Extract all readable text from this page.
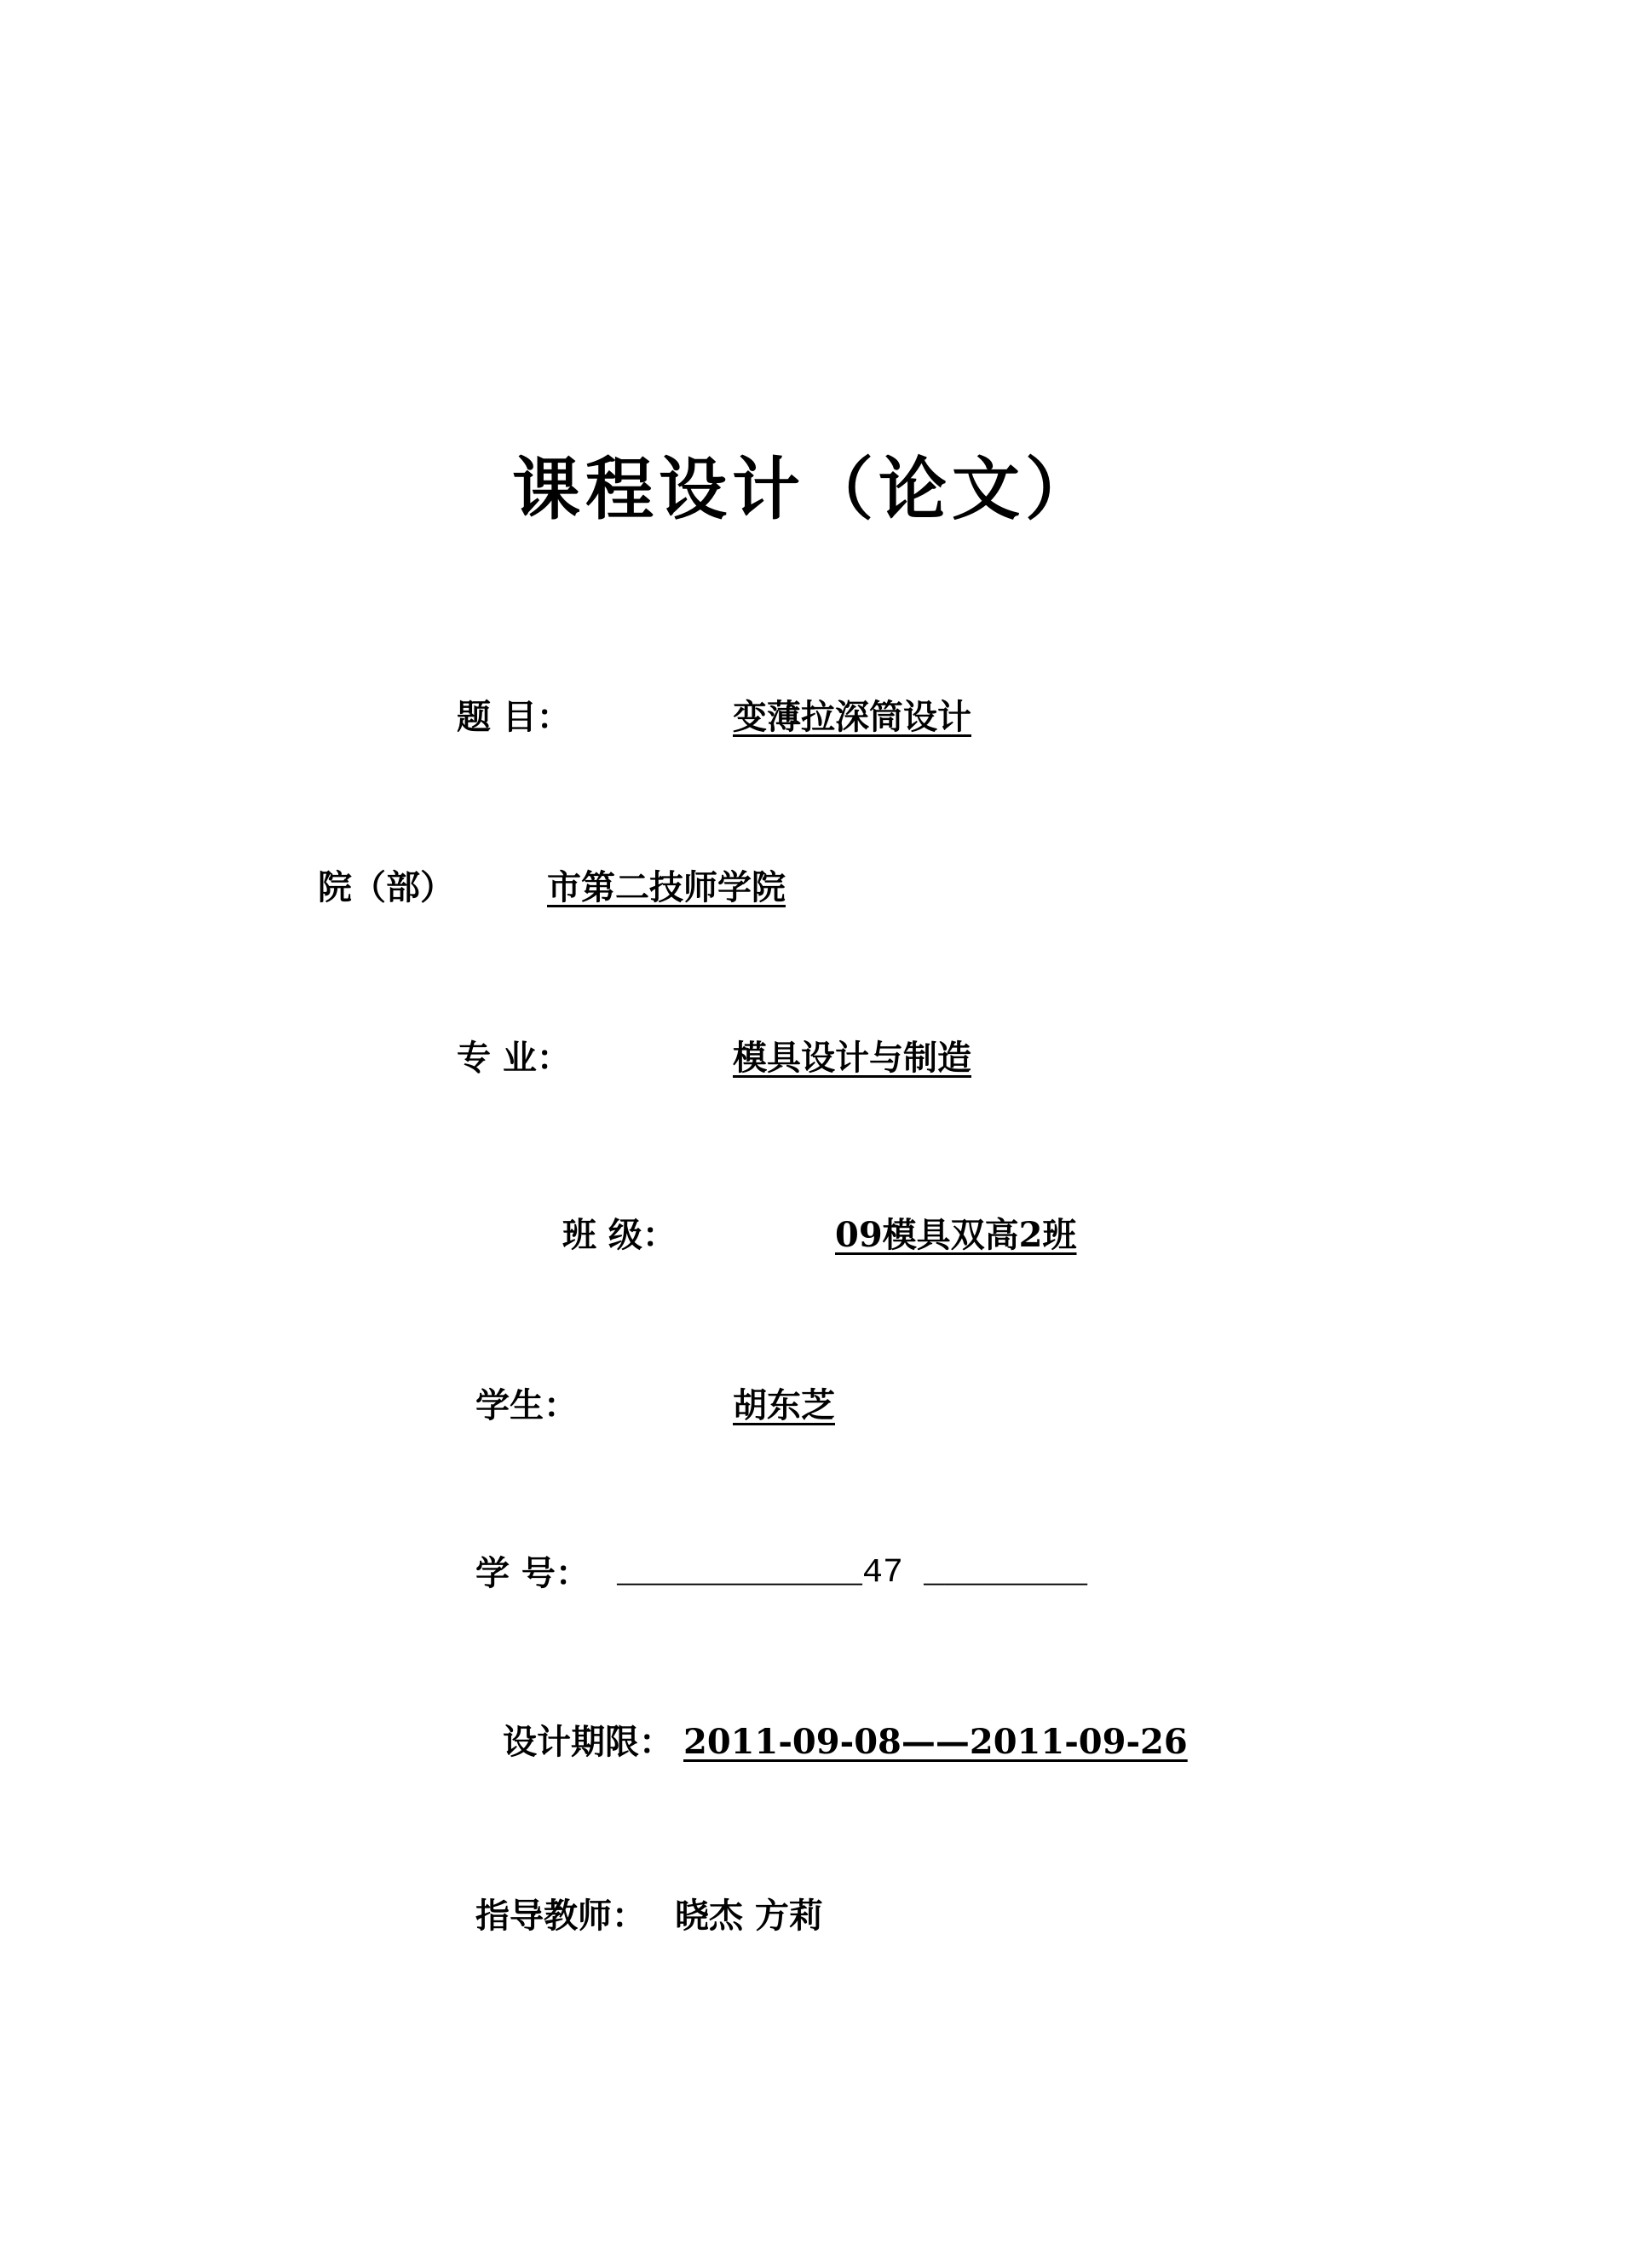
课程设计（论文）
题 目：	变薄拉深筒设计
院（部）	市第二技师学院
专 业：	模具设计与制造
班 级：	09模具双高2班
学生：	胡东芝
学 号： ____________47 ________
设计期限： 2011-09-08——2011-09-26
指导教师： 晓杰 方莉
